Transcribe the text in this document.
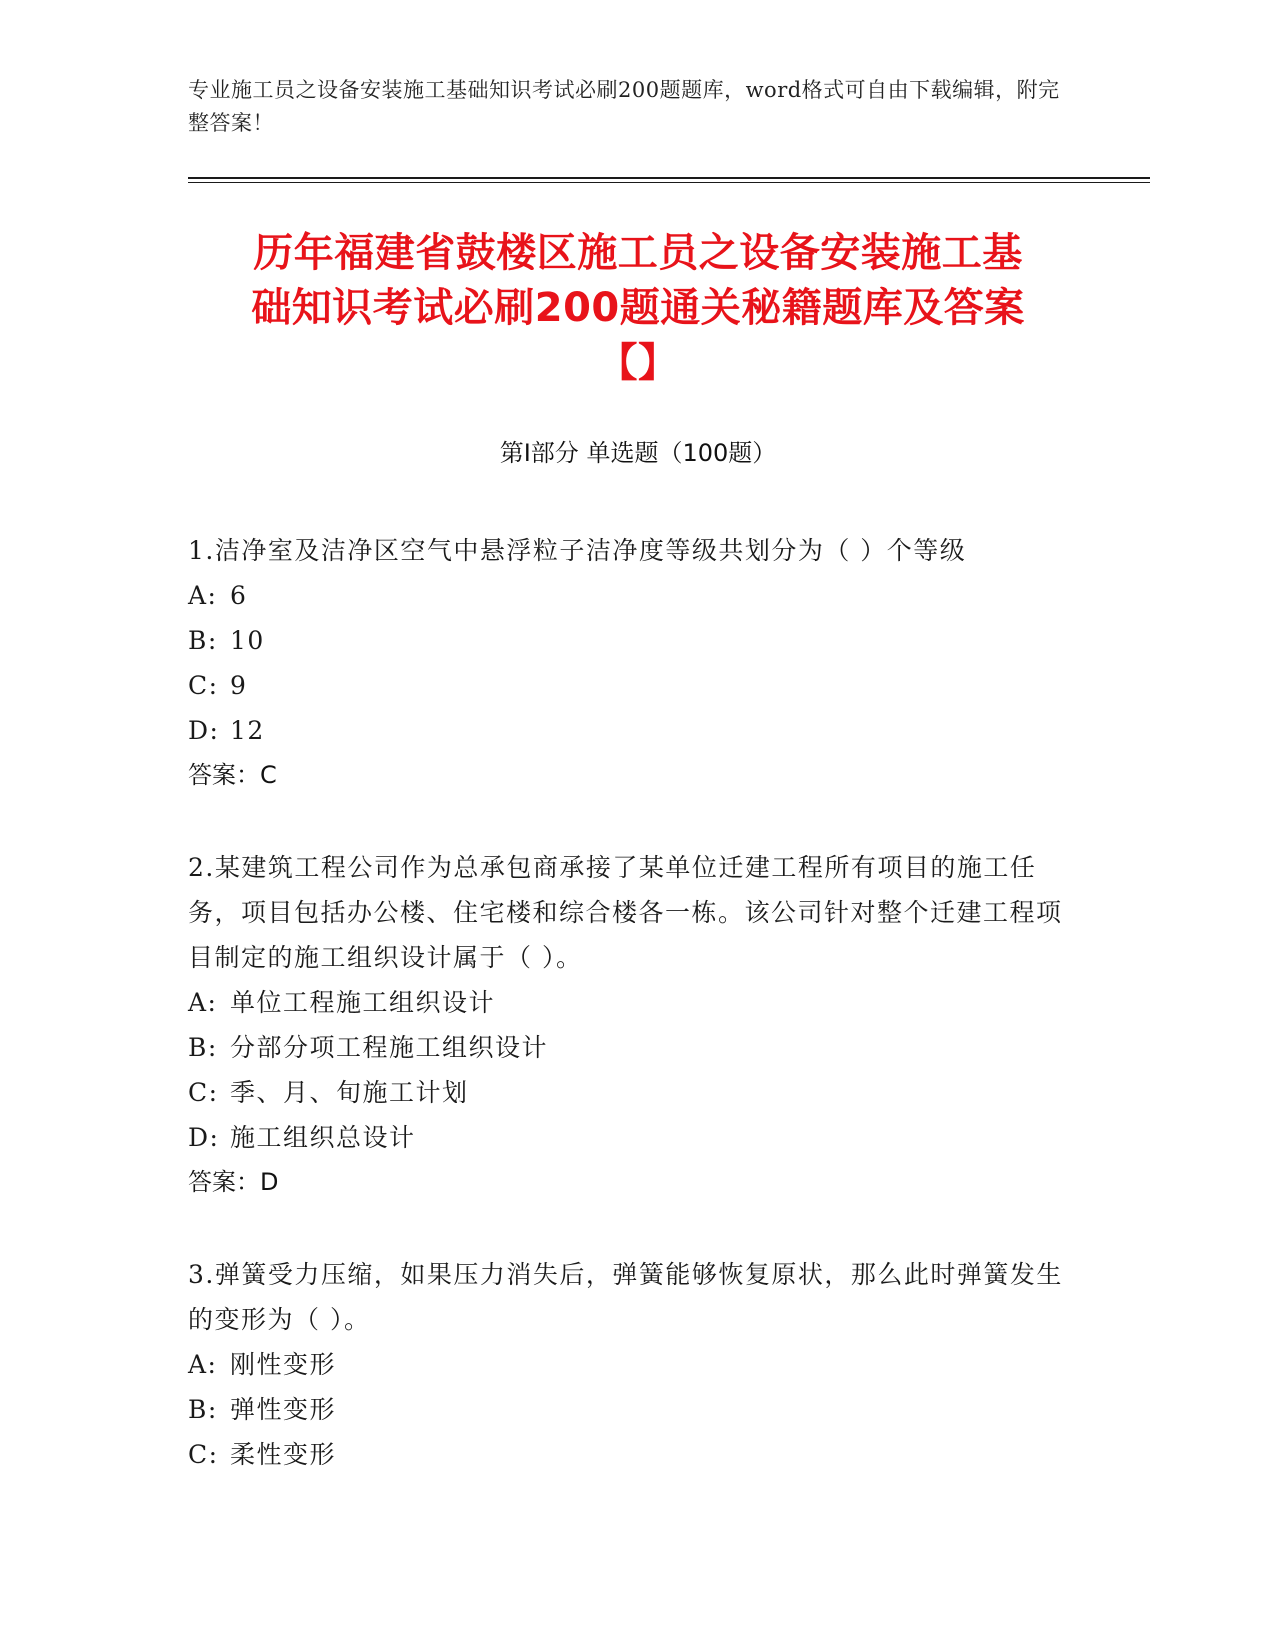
专业施工员之设备安装施工基础知识考试必刷200题题库，word格式可自由下载编辑，附完整答案！
历年福建省鼓楼区施工员之设备安装施工基
础知识考试必刷200题通关秘籍题库及答案
【】
第Ⅰ部分 单选题（100题）
1.洁净室及洁净区空气中悬浮粒子洁净度等级共划分为（ ）个等级
A: 6
B: 10
C: 9
D: 12
答案：C
2.某建筑工程公司作为总承包商承接了某单位迁建工程所有项目的施工任务，项目包括办公楼、住宅楼和综合楼各一栋。该公司针对整个迁建工程项目制定的施工组织设计属于（ ）。
A: 单位工程施工组织设计
B: 分部分项工程施工组织设计
C: 季、月、旬施工计划
D: 施工组织总设计
答案：D
3.弹簧受力压缩，如果压力消失后，弹簧能够恢复原状，那么此时弹簧发生的变形为（ ）。
A: 刚性变形
B: 弹性变形
C: 柔性变形
